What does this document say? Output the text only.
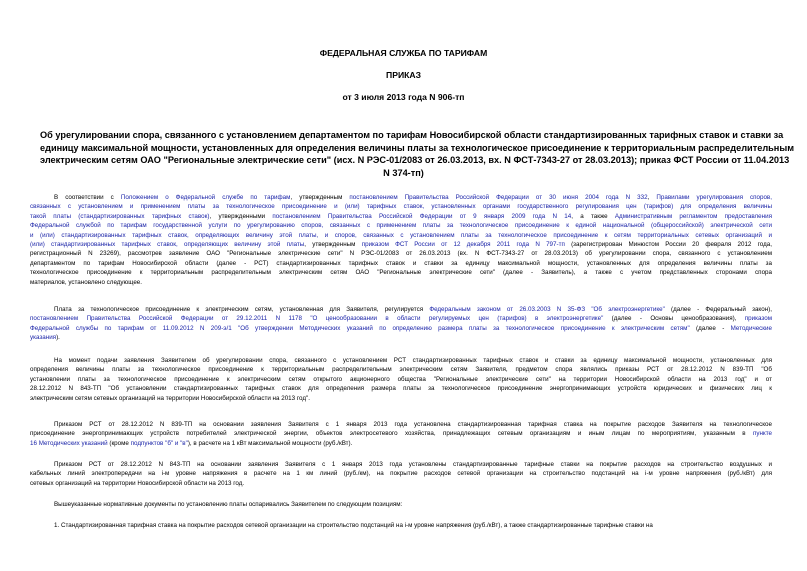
ФЕДЕРАЛЬНАЯ СЛУЖБА ПО ТАРИФАМ
ПРИКАЗ
от 3 июля 2013 года N 906-тп
Об урегулировании спора, связанного с установлением департаментом по тарифам Новосибирской области стандартизированных тарифных ставок и ставки за
единицу максимальной мощности, установленных для определения величины платы за технологическое присоединение к территориальным распределительным
электрическим сетям ОАО "Региональные электрические сети" (исх. N РЭС-01/2083 от 26.03.2013, вх. N ФСТ-7343-27 от 28.03.2013); приказ ФСТ России от 11.04.2013
N 374-тп)
В соответствии с Положением о Федеральной службе по тарифам, утвержденным постановлением Правительства Российской Федерации от 30 июня 2004 года N 332, Правилами урегулирования споров,
связанных с установлением и применением платы за технологическое присоединение и (или) тарифных ставок, установленных органами государственного регулирования цен (тарифов) для определения величины
такой платы (стандартизированных тарифных ставок), утвержденными постановлением Правительства Российской Федерации от 9 января 2009 года N 14, а также Административным регламентом предоставления
Федеральной службой по тарифам государственной услуги по урегулированию споров, связанных с применением платы за технологическое присоединение к единой национальной (общероссийской) электрической сети
и (или) стандартизированных тарифных ставок, определяющих величину этой платы, и споров, связанных с установлением платы за технологическое присоединение к сетям территориальных сетевых организаций и
(или) стандартизированных тарифных ставок, определяющих величину этой платы, утвержденным приказом ФСТ России от 12 декабря 2011 года N 797-тп (зарегистрирован Минюстом России 20 февраля 2012 года,
регистрационный N 23269), рассмотрев заявление ОАО "Региональные электрические сети" N РЭС-01/2083 от 26.03.2013 (вх. N ФСТ-7343-27 от 28.03.2013) об урегулировании спора, связанного с установлением
департаментом по тарифам Новосибирской области (далее - РСТ) стандартизированных тарифных ставок и ставки за единицу максимальной мощности, установленных для определения величины платы за
технологическое присоединение к территориальным распределительным электрическим сетям ОАО "Региональные электрические сети" (далее - Заявитель), а также с учетом представленных сторонами спора
материалов, установлено следующее.
Плата за технологическое присоединение к электрическим сетям, установленная для Заявителя, регулируется Федеральным законом от 26.03.2003 N 35-ФЗ "Об электроэнергетике" (далее - Федеральный закон),
постановлением Правительства Российской Федерации от 29.12.2011 N 1178 "О ценообразовании в области регулируемых цен (тарифов) в электроэнергетике" (далее - Основы ценообразования), приказом
Федеральной службы по тарифам от 11.09.2012 N 209-э/1 "Об утверждении Методических указаний по определению размера платы за технологическое присоединение к электрическим сетям" (далее - Методические
указания).
На момент подачи заявления Заявителем об урегулировании спора, связанного с установлением РСТ стандартизированных тарифных ставок и ставки за единицу максимальной мощности, установленных для
определения величины платы за технологическое присоединение к территориальным распределительным электрическим сетям Заявителя, предметом спора являлись приказы РСТ от 28.12.2012 N 839-ТП "Об
установлении платы за технологическое присоединение к электрическим сетям открытого акционерного общества "Региональные электрические сети" на территории Новосибирской области на 2013 год" и от
28.12.2012 N 843-ТП "Об установлении стандартизированных тарифных ставок для определения размера платы за технологическое присоединение энергопринимающих устройств юридических и физических лиц к
электрическим сетям сетевых организаций на территории Новосибирской области на 2013 год".
Приказом РСТ от 28.12.2012 N 839-ТП на основании заявления Заявителя с 1 января 2013 года установлена стандартизированная тарифная ставка на покрытие расходов Заявителя на технологическое
присоединение энергопринимающих устройств потребителей электрической энергии, объектов электросетевого хозяйства, принадлежащих сетевым организациям и иным лицам по мероприятиям, указанным в пункте
16 Методических указаний (кроме подпунктов "б" и "в"), в расчете на 1 кВт максимальной мощности (руб./кВт).
Приказом РСТ от 28.12.2012 N 843-ТП на основании заявления Заявителя с 1 января 2013 года установлены стандартизированные тарифные ставки на покрытие расходов на строительство воздушных и
кабельных линий электропередачи на i-м уровне напряжения в расчете на 1 км линий (руб./км), на покрытие расходов сетевой организации на строительство подстанций на i-м уровне напряжения (руб./кВт) для
сетевых организаций на территории Новосибирской области на 2013 год.
Вышеуказанные нормативные документы по установлению платы оспаривались Заявителем по следующим позициям:
1. Стандартизированная тарифная ставка на покрытие расходов сетевой организации на строительство подстанций на i-м уровне напряжения (руб./кВт), а также стандартизированные тарифные ставки на
